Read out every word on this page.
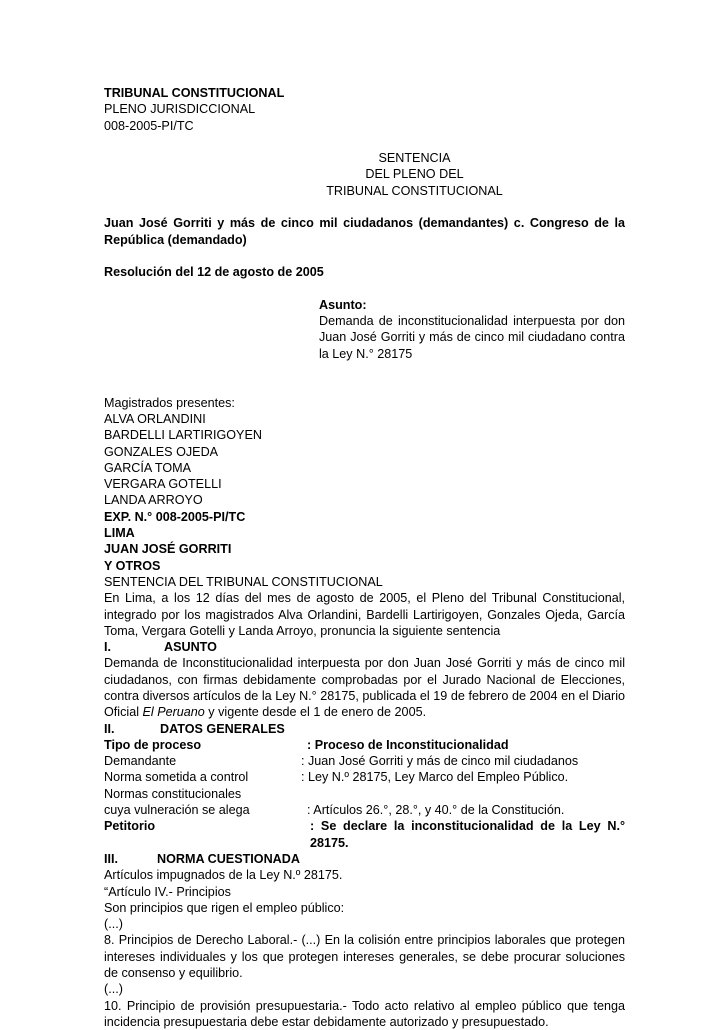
TRIBUNAL CONSTITUCIONAL
PLENO JURISDICCIONAL
008-2005-PI/TC
SENTENCIA
DEL PLENO DEL
TRIBUNAL CONSTITUCIONAL
Juan José Gorriti y más de cinco mil ciudadanos (demandantes) c. Congreso de la República (demandado)
Resolución del 12 de agosto de 2005
Asunto:
Demanda de inconstitucionalidad interpuesta por don Juan José Gorriti y más de cinco mil ciudadano contra la Ley N.° 28175
Magistrados presentes:
ALVA ORLANDINI
BARDELLI LARTIRIGOYEN
GONZALES OJEDA
GARCÍA TOMA
VERGARA GOTELLI
LANDA ARROYO
EXP. N.° 008-2005-PI/TC
LIMA
JUAN JOSÉ GORRITI
Y OTROS
SENTENCIA DEL TRIBUNAL CONSTITUCIONAL
En Lima, a los 12 días del mes de agosto de 2005, el Pleno del Tribunal Constitucional, integrado por los magistrados Alva Orlandini, Bardelli Lartirigoyen, Gonzales Ojeda, García Toma, Vergara Gotelli y Landa Arroyo, pronuncia la siguiente sentencia
I.	ASUNTO
Demanda de Inconstitucionalidad interpuesta por don Juan José Gorriti y más de cinco mil ciudadanos, con firmas debidamente comprobadas por el Jurado Nacional de Elecciones, contra diversos artículos de la Ley N.° 28175, publicada el 19 de febrero de 2004 en el Diario Oficial El Peruano y vigente desde el 1 de enero de 2005.
II.	DATOS GENERALES
Tipo de proceso	: Proceso de Inconstitucionalidad
Demandante	: Juan José Gorriti y más de cinco mil ciudadanos
Norma sometida a control	: Ley N.º 28175, Ley Marco del Empleo Público.
Normas constitucionales
cuya vulneración se alega	: Artículos 26.°, 28.°, y 40.° de la Constitución.
Petitorio	: Se declare la inconstitucionalidad de la Ley N.° 28175.
III.	NORMA CUESTIONADA
Artículos impugnados de la Ley N.º 28175.
“Artículo IV.- Principios
Son principios que rigen el empleo público:
(...)
8. Principios de Derecho Laboral.- (...) En la colisión entre principios laborales que protegen intereses individuales y los que protegen intereses generales, se debe procurar soluciones de consenso y equilibrio.
(...)
10. Principio de provisión presupuestaria.- Todo acto relativo al empleo público que tenga incidencia presupuestaria debe estar debidamente autorizado y presupuestado.
